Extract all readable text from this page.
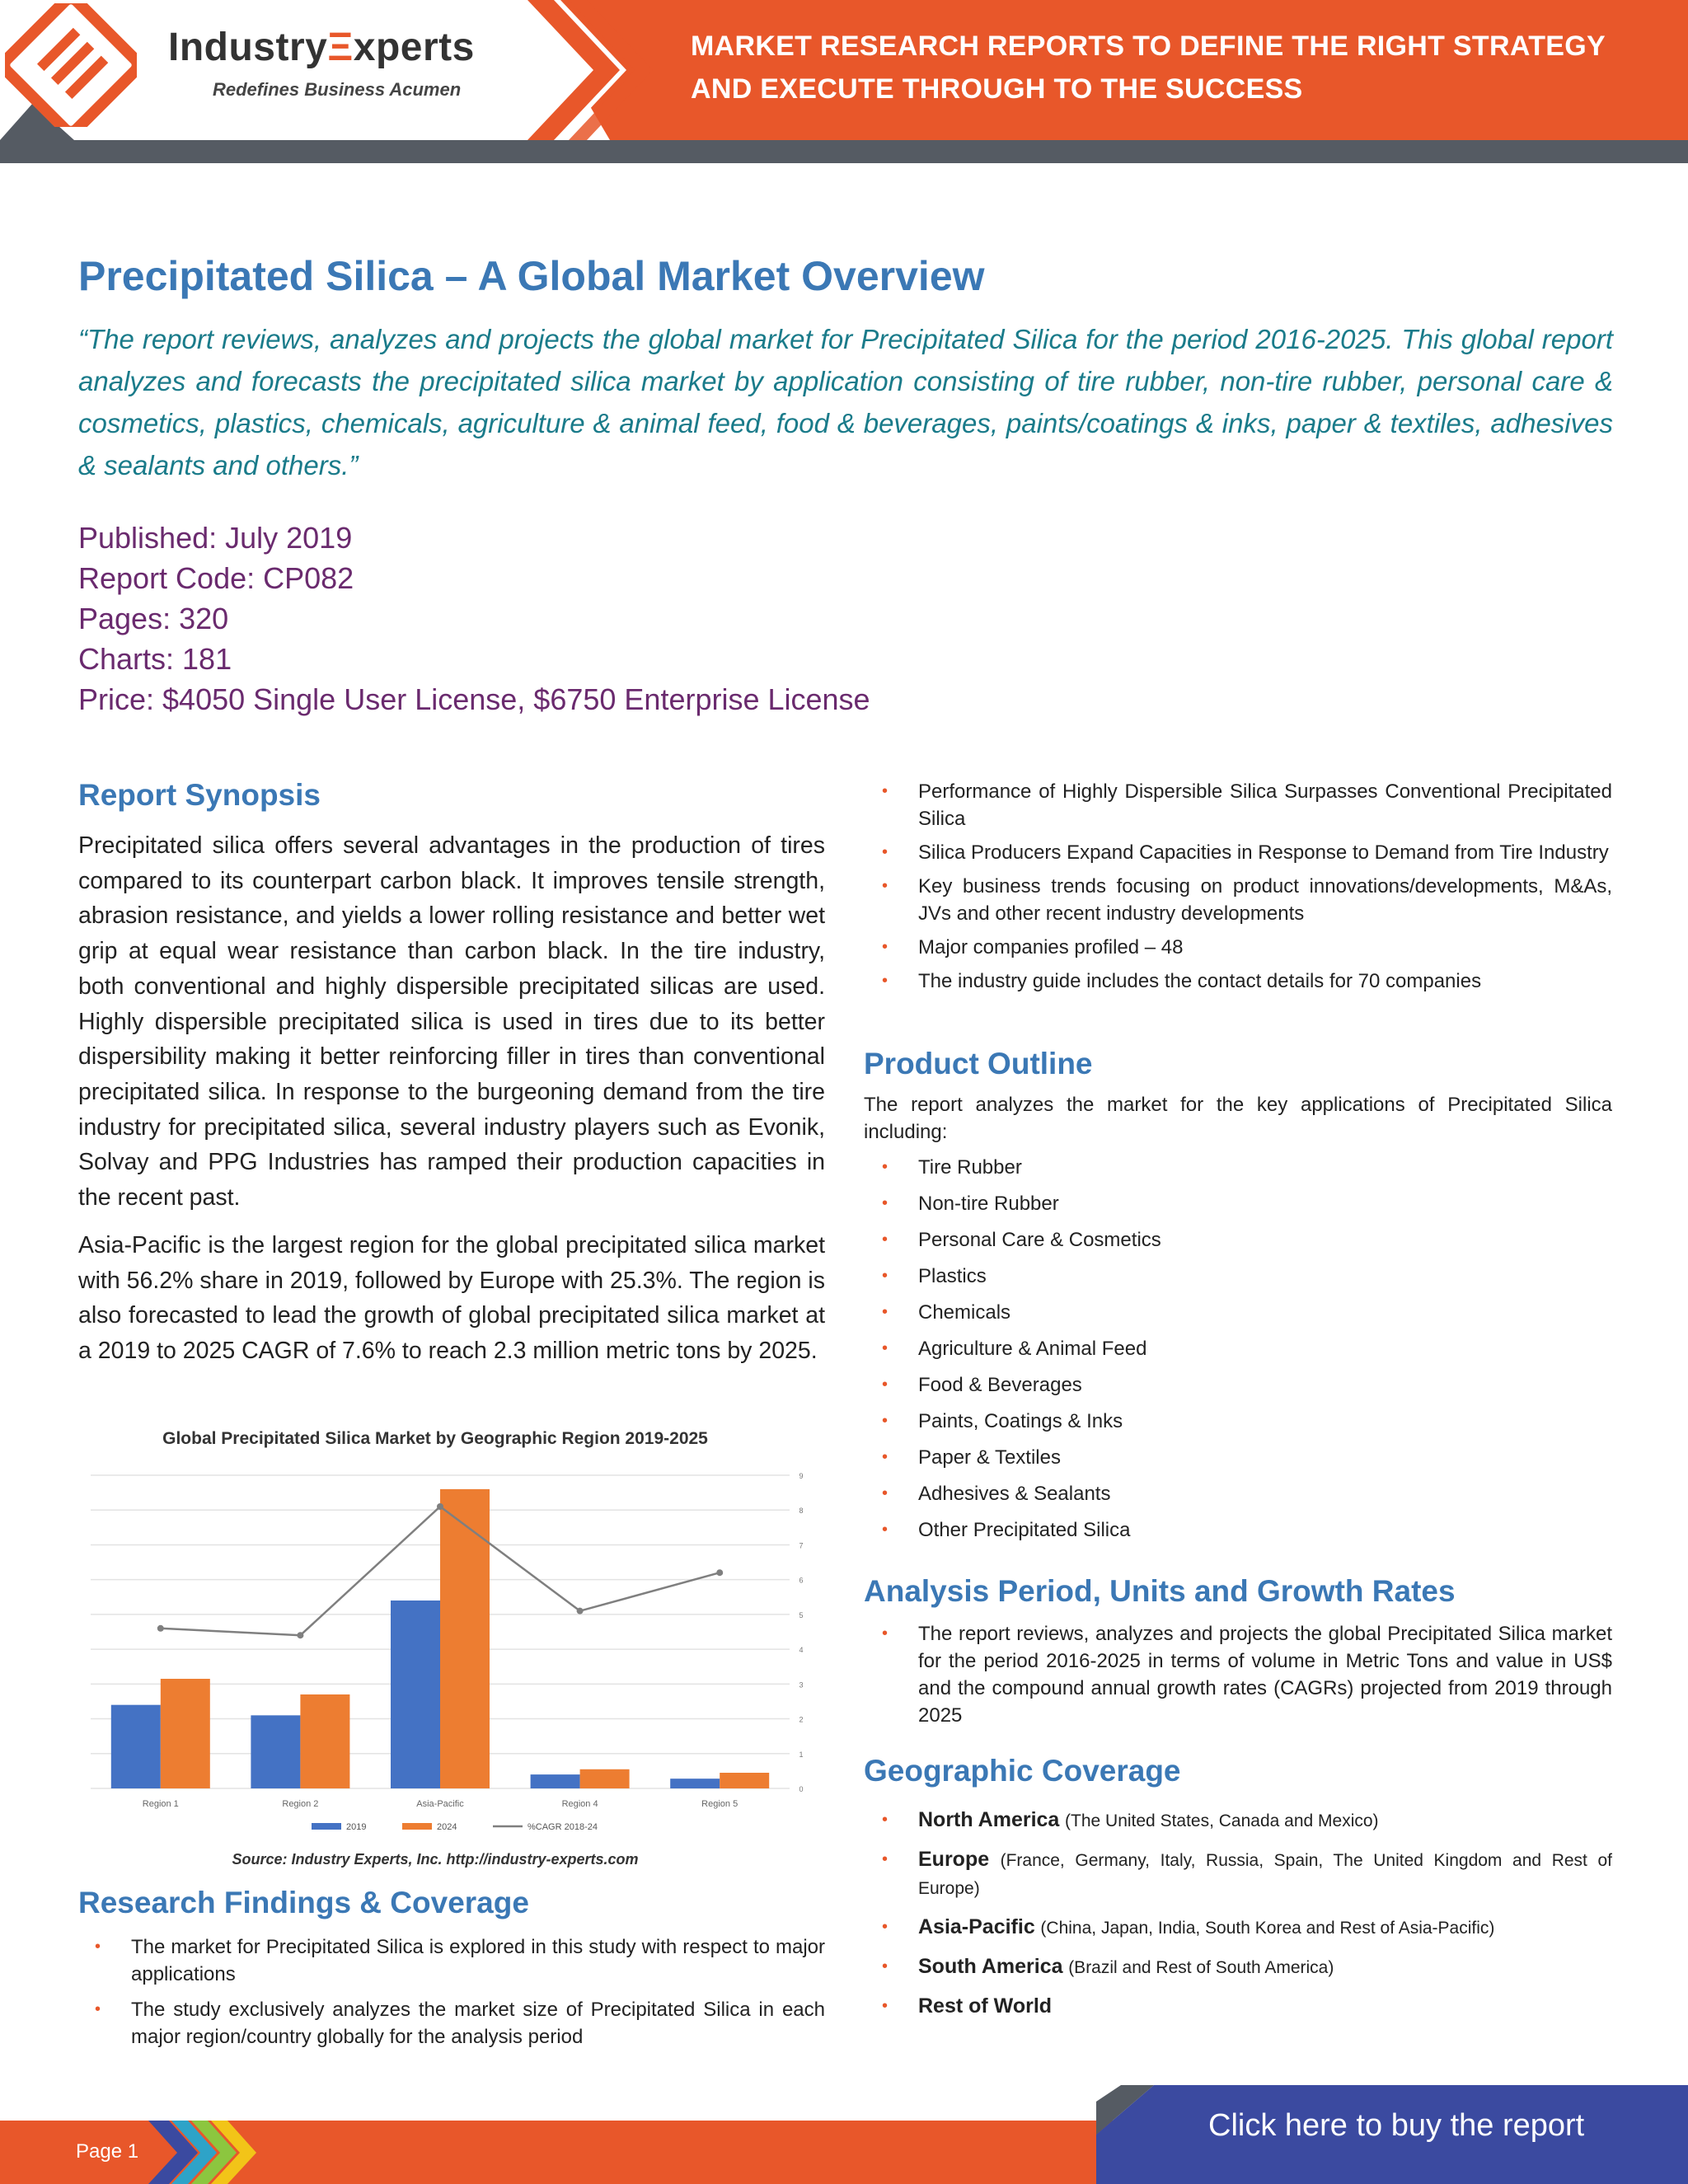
IndustryΞxperts
Redefines Business Acumen
MARKET RESEARCH REPORTS TO DEFINE THE RIGHT STRATEGY
AND EXECUTE THROUGH TO THE SUCCESS
Precipitated Silica – A Global Market Overview
“The report reviews, analyzes and projects the global market for Precipitated Silica for the period 2016-2025. This global report analyzes and forecasts the precipitated silica market by application consisting of tire rubber, non-tire rubber, personal care & cosmetics, plastics, chemicals, agriculture & animal feed, food & beverages, paints/coatings & inks, paper & textiles, adhesives & sealants and others.”
Published: July 2019
Report Code: CP082
Pages: 320
Charts: 181
Price: $4050 Single User License, $6750 Enterprise License
Report Synopsis
Precipitated silica offers several advantages in the production of tires compared to its counterpart carbon black. It improves tensile strength, abrasion resistance, and yields a lower rolling resistance and better wet grip at equal wear resistance than carbon black. In the tire industry, both conventional and highly dispersible precipitated silicas are used. Highly dispersible precipitated silica is used in tires due to its better dispersibility making it better reinforcing filler in tires than conventional precipitated silica. In response to the burgeoning demand from the tire industry for precipitated silica, several industry players such as Evonik, Solvay and PPG Industries has ramped their production capacities in the recent past.
Asia-Pacific is the largest region for the global precipitated silica market with 56.2% share in 2019, followed by Europe with 25.3%. The region is also forecasted to lead the growth of global precipitated silica market at a 2019 to 2025 CAGR of 7.6% to reach 2.3 million metric tons by 2025.
0
1
2
3
4
5
6
7
8
9
Region 1	Region 2	Asia-Pacific	Region 4	Region 5
2019	2024	%CAGR 2018-24
Global Precipitated Silica Market by Geographic Region 2019-2025
Source: Industry Experts, Inc. http://industry-experts.com
Research Findings & Coverage
• The market for Precipitated Silica is explored in this study with respect to major applications
• The study exclusively analyzes the market size of Precipitated Silica in each major region/country globally for the analysis period
• Performance of Highly Dispersible Silica Surpasses Conventional Precipitated Silica
• Silica Producers Expand Capacities in Response to Demand from Tire Industry
• Key business trends focusing on product innovations/developments, M&As, JVs and other recent industry developments
• Major companies profiled – 48
• The industry guide includes the contact details for 70 companies
Product Outline
The report analyzes the market for the key applications of Precipitated Silica including:
• Tire Rubber
• Non-tire Rubber
• Personal Care & Cosmetics
• Plastics
• Chemicals
• Agriculture & Animal Feed
• Food & Beverages
• Paints, Coatings & Inks
• Paper & Textiles
• Adhesives & Sealants
• Other Precipitated Silica
Analysis Period, Units and Growth Rates
• The report reviews, analyzes and projects the global Precipitated Silica market for the period 2016-2025 in terms of volume in Metric Tons and value in US$ and the compound annual growth rates (CAGRs) projected from 2019 through 2025
Geographic Coverage
• North America (The United States, Canada and Mexico)
• Europe (France, Germany, Italy, Russia, Spain, The United Kingdom and Rest of Europe)
• Asia-Pacific (China, Japan, India, South Korea and Rest of Asia-Pacific)
• South America (Brazil and Rest of South America)
• Rest of World
Page 1
Click here to buy the report
